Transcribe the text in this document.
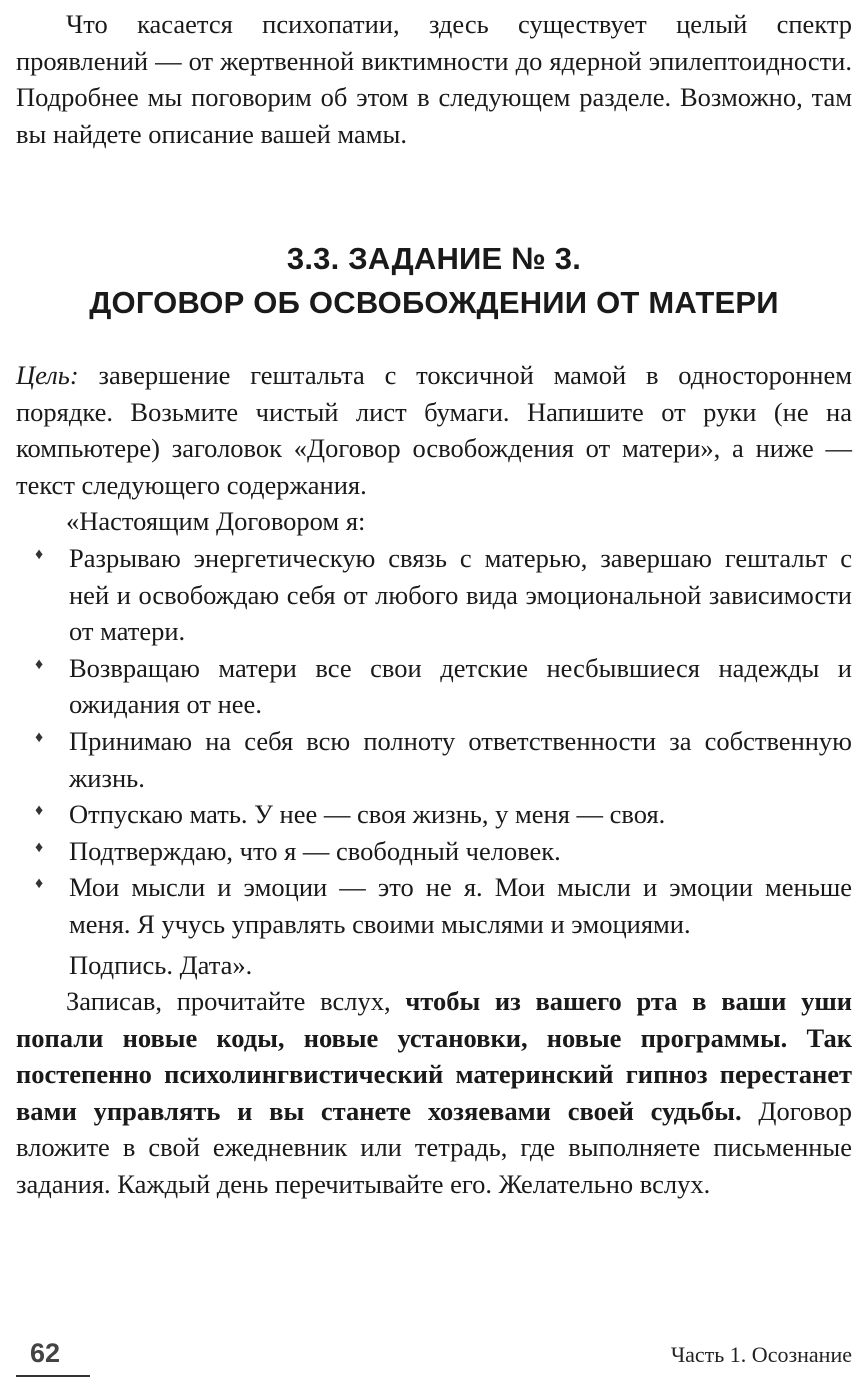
Что касается психопатии, здесь существует целый спектр проявлений — от жертвенной виктимности до ядерной эпилептоидности. Подробнее мы поговорим об этом в следующем разделе. Возможно, там вы найдете описание вашей мамы.

3.3. ЗАДАНИЕ № 3.
ДОГОВОР ОБ ОСВОБОЖДЕНИИ ОТ МАТЕРИ

Цель: завершение гештальта с токсичной мамой в одностороннем порядке. Возьмите чистый лист бумаги. Напишите от руки (не на компьютере) заголовок «Договор освобождения от матери», а ниже — текст следующего содержания.

«Настоящим Договором я:

♦ Разрываю энергетическую связь с матерью, завершаю гештальт с ней и освобождаю себя от любого вида эмоциональной зависимости от матери.
♦ Возвращаю матери все свои детские несбывшиеся надежды и ожидания от нее.
♦ Принимаю на себя всю полноту ответственности за собственную жизнь.
♦ Отпускаю мать. У нее — своя жизнь, у меня — своя.
♦ Подтверждаю, что я — свободный человек.
♦ Мои мысли и эмоции — это не я. Мои мысли и эмоции меньше меня. Я учусь управлять своими мыслями и эмоциями.

Подпись. Дата».

Записав, прочитайте вслух, чтобы из вашего рта в ваши уши попали новые коды, новые установки, новые программы. Так постепенно психолингвистический материнский гипноз перестанет вами управлять и вы станете хозяевами своей судьбы. Договор вложите в свой ежедневник или тетрадь, где выполняете письменные задания. Каждый день перечитывайте его. Желательно вслух.

62	Часть 1. Осознание
